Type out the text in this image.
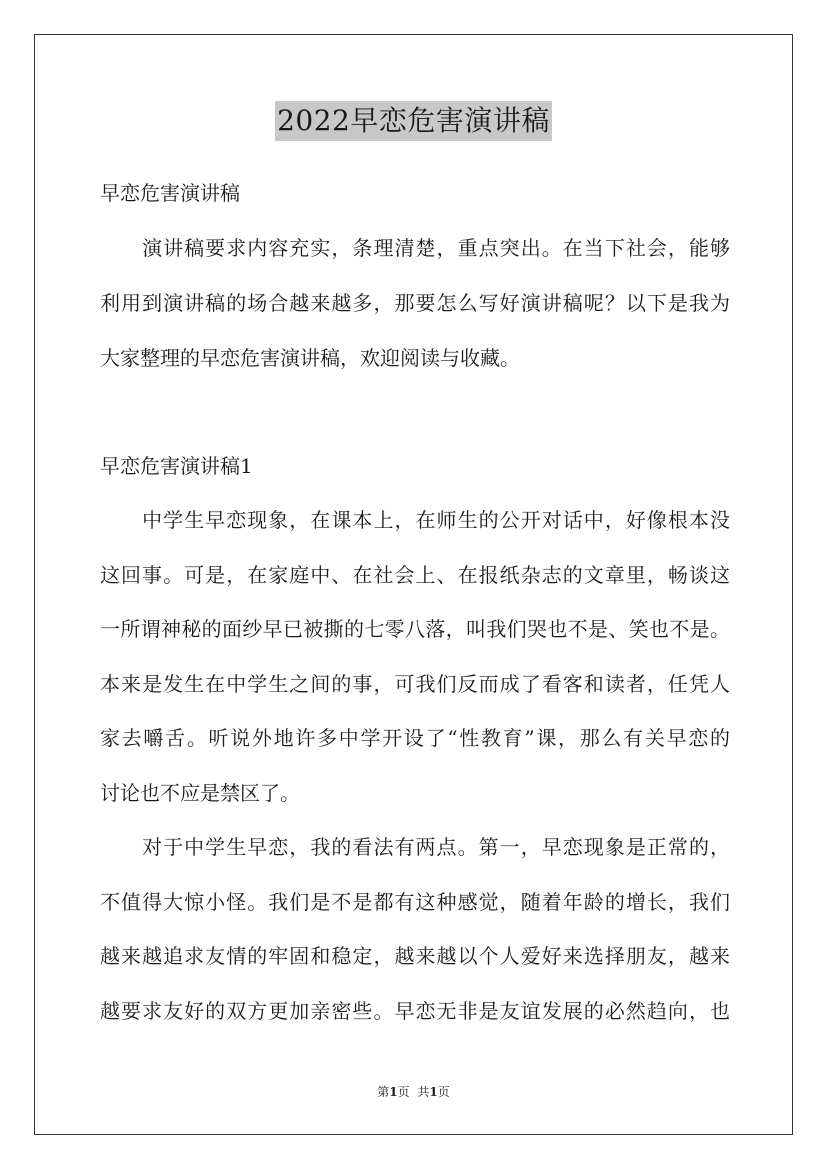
2022早恋危害演讲稿
早恋危害演讲稿
　　演讲稿要求内容充实，条理清楚，重点突出。在当下社会，能够
利用到演讲稿的场合越来越多，那要怎么写好演讲稿呢？以下是我为
大家整理的早恋危害演讲稿，欢迎阅读与收藏。
早恋危害演讲稿1
　　中学生早恋现象，在课本上，在师生的公开对话中，好像根本没
这回事。可是，在家庭中、在社会上、在报纸杂志的文章里，畅谈这
一所谓神秘的面纱早已被撕的七零八落，叫我们哭也不是、笑也不是。
本来是发生在中学生之间的事，可我们反而成了看客和读者，任凭人
家去嚼舌。听说外地许多中学开设了“性教育”课，那么有关早恋的
讨论也不应是禁区了。
　　对于中学生早恋，我的看法有两点。第一，早恋现象是正常的，
不值得大惊小怪。我们是不是都有这种感觉，随着年龄的增长，我们
越来越追求友情的牢固和稳定，越来越以个人爱好来选择朋友，越来
越要求友好的双方更加亲密些。早恋无非是友谊发展的必然趋向，也
第1页 共1页
